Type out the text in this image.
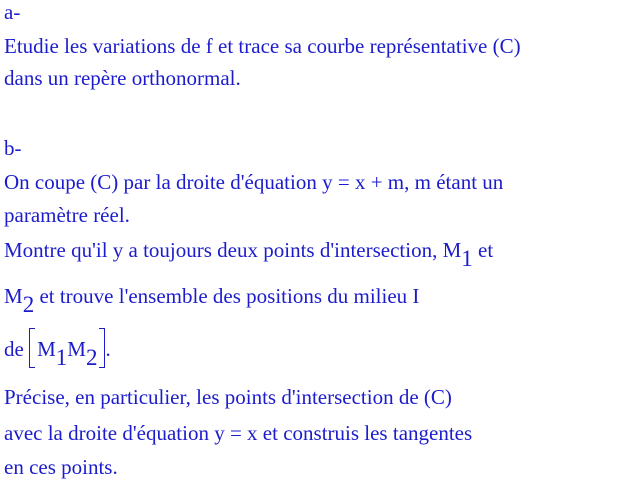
a-
Etudie les variations de f et trace sa courbe représentative (C)
dans un repère orthonormal.
b-
On coupe (C) par la droite d'équation y = x + m, m étant un
paramètre réel.
Montre qu'il y a toujours deux points d'intersection, M1 et
M2 et trouve l'ensemble des positions du milieu I
de
M1M2 .
Précise, en particulier, les points d'intersection de (C)
avec la droite d'équation y = x et construis les tangentes
en ces points.
